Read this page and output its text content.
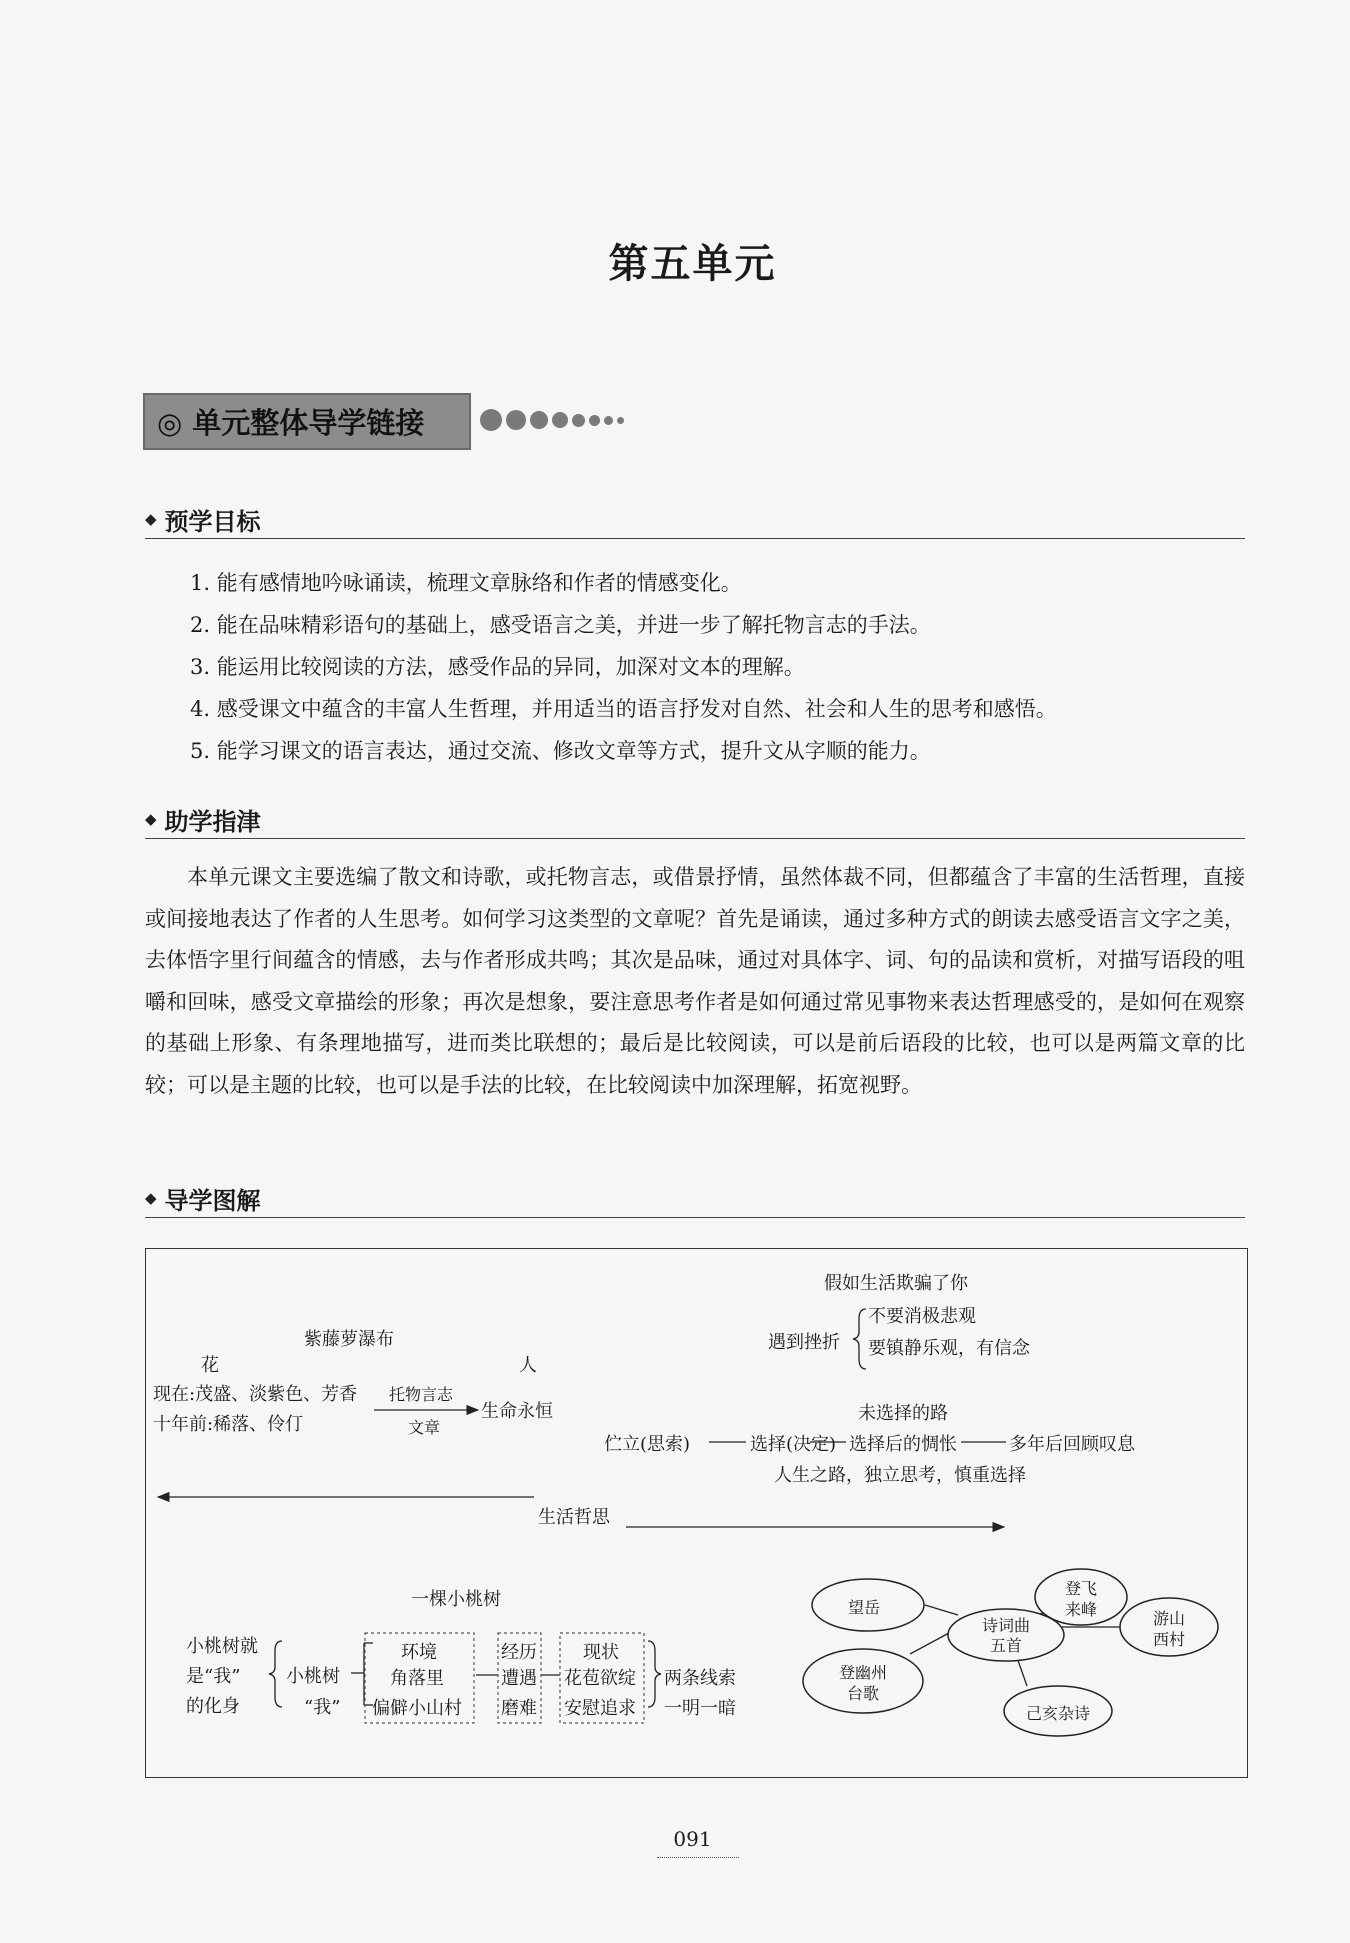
第五单元
◎ 单元整体导学链接
◆ 预学目标
1. 能有感情地吟咏诵读，梳理文章脉络和作者的情感变化。
2. 能在品味精彩语句的基础上，感受语言之美，并进一步了解托物言志的手法。
3. 能运用比较阅读的方法，感受作品的异同，加深对文本的理解。
4. 感受课文中蕴含的丰富人生哲理，并用适当的语言抒发对自然、社会和人生的思考和感悟。
5. 能学习课文的语言表达，通过交流、修改文章等方式，提升文从字顺的能力。
◆ 助学指津
本单元课文主要选编了散文和诗歌，或托物言志，或借景抒情，虽然体裁不同，但都蕴含了丰富的生活哲理，直接或间接地表达了作者的人生思考。如何学习这类型的文章呢？首先是诵读，通过多种方式的朗读去感受语言文字之美，去体悟字里行间蕴含的情感，去与作者形成共鸣；其次是品味，通过对具体字、词、句的品读和赏析，对描写语段的咀嚼和回味，感受文章描绘的形象；再次是想象，要注意思考作者是如何通过常见事物来表达哲理感受的，是如何在观察的基础上形象、有条理地描写，进而类比联想的；最后是比较阅读，可以是前后语段的比较，也可以是两篇文章的比较；可以是主题的比较，也可以是手法的比较，在比较阅读中加深理解，拓宽视野。
◆ 导学图解
紫藤萝瀑布
花	人
现在:茂盛、淡紫色、芳香
十年前:稀落、伶仃
托物言志
文章
生命永恒
假如生活欺骗了你
遇到挫折
不要消极悲观
要镇静乐观，有信念
未选择的路
伫立(思索)	选择(决定) 选择后的惆怅	多年后回顾叹息
人生之路，独立思考，慎重选择
生活哲思
一棵小桃树
小桃树就
是“我”
的化身
小桃树
“我”
环境	经历	现状
角落里	遭遇 花苞欲绽
偏僻小山村 磨难 安慰追求
两条线索
一明一暗
诗词曲
五首
望岳
登飞
来峰	游山
西村
登幽州
台歌
己亥杂诗
091
